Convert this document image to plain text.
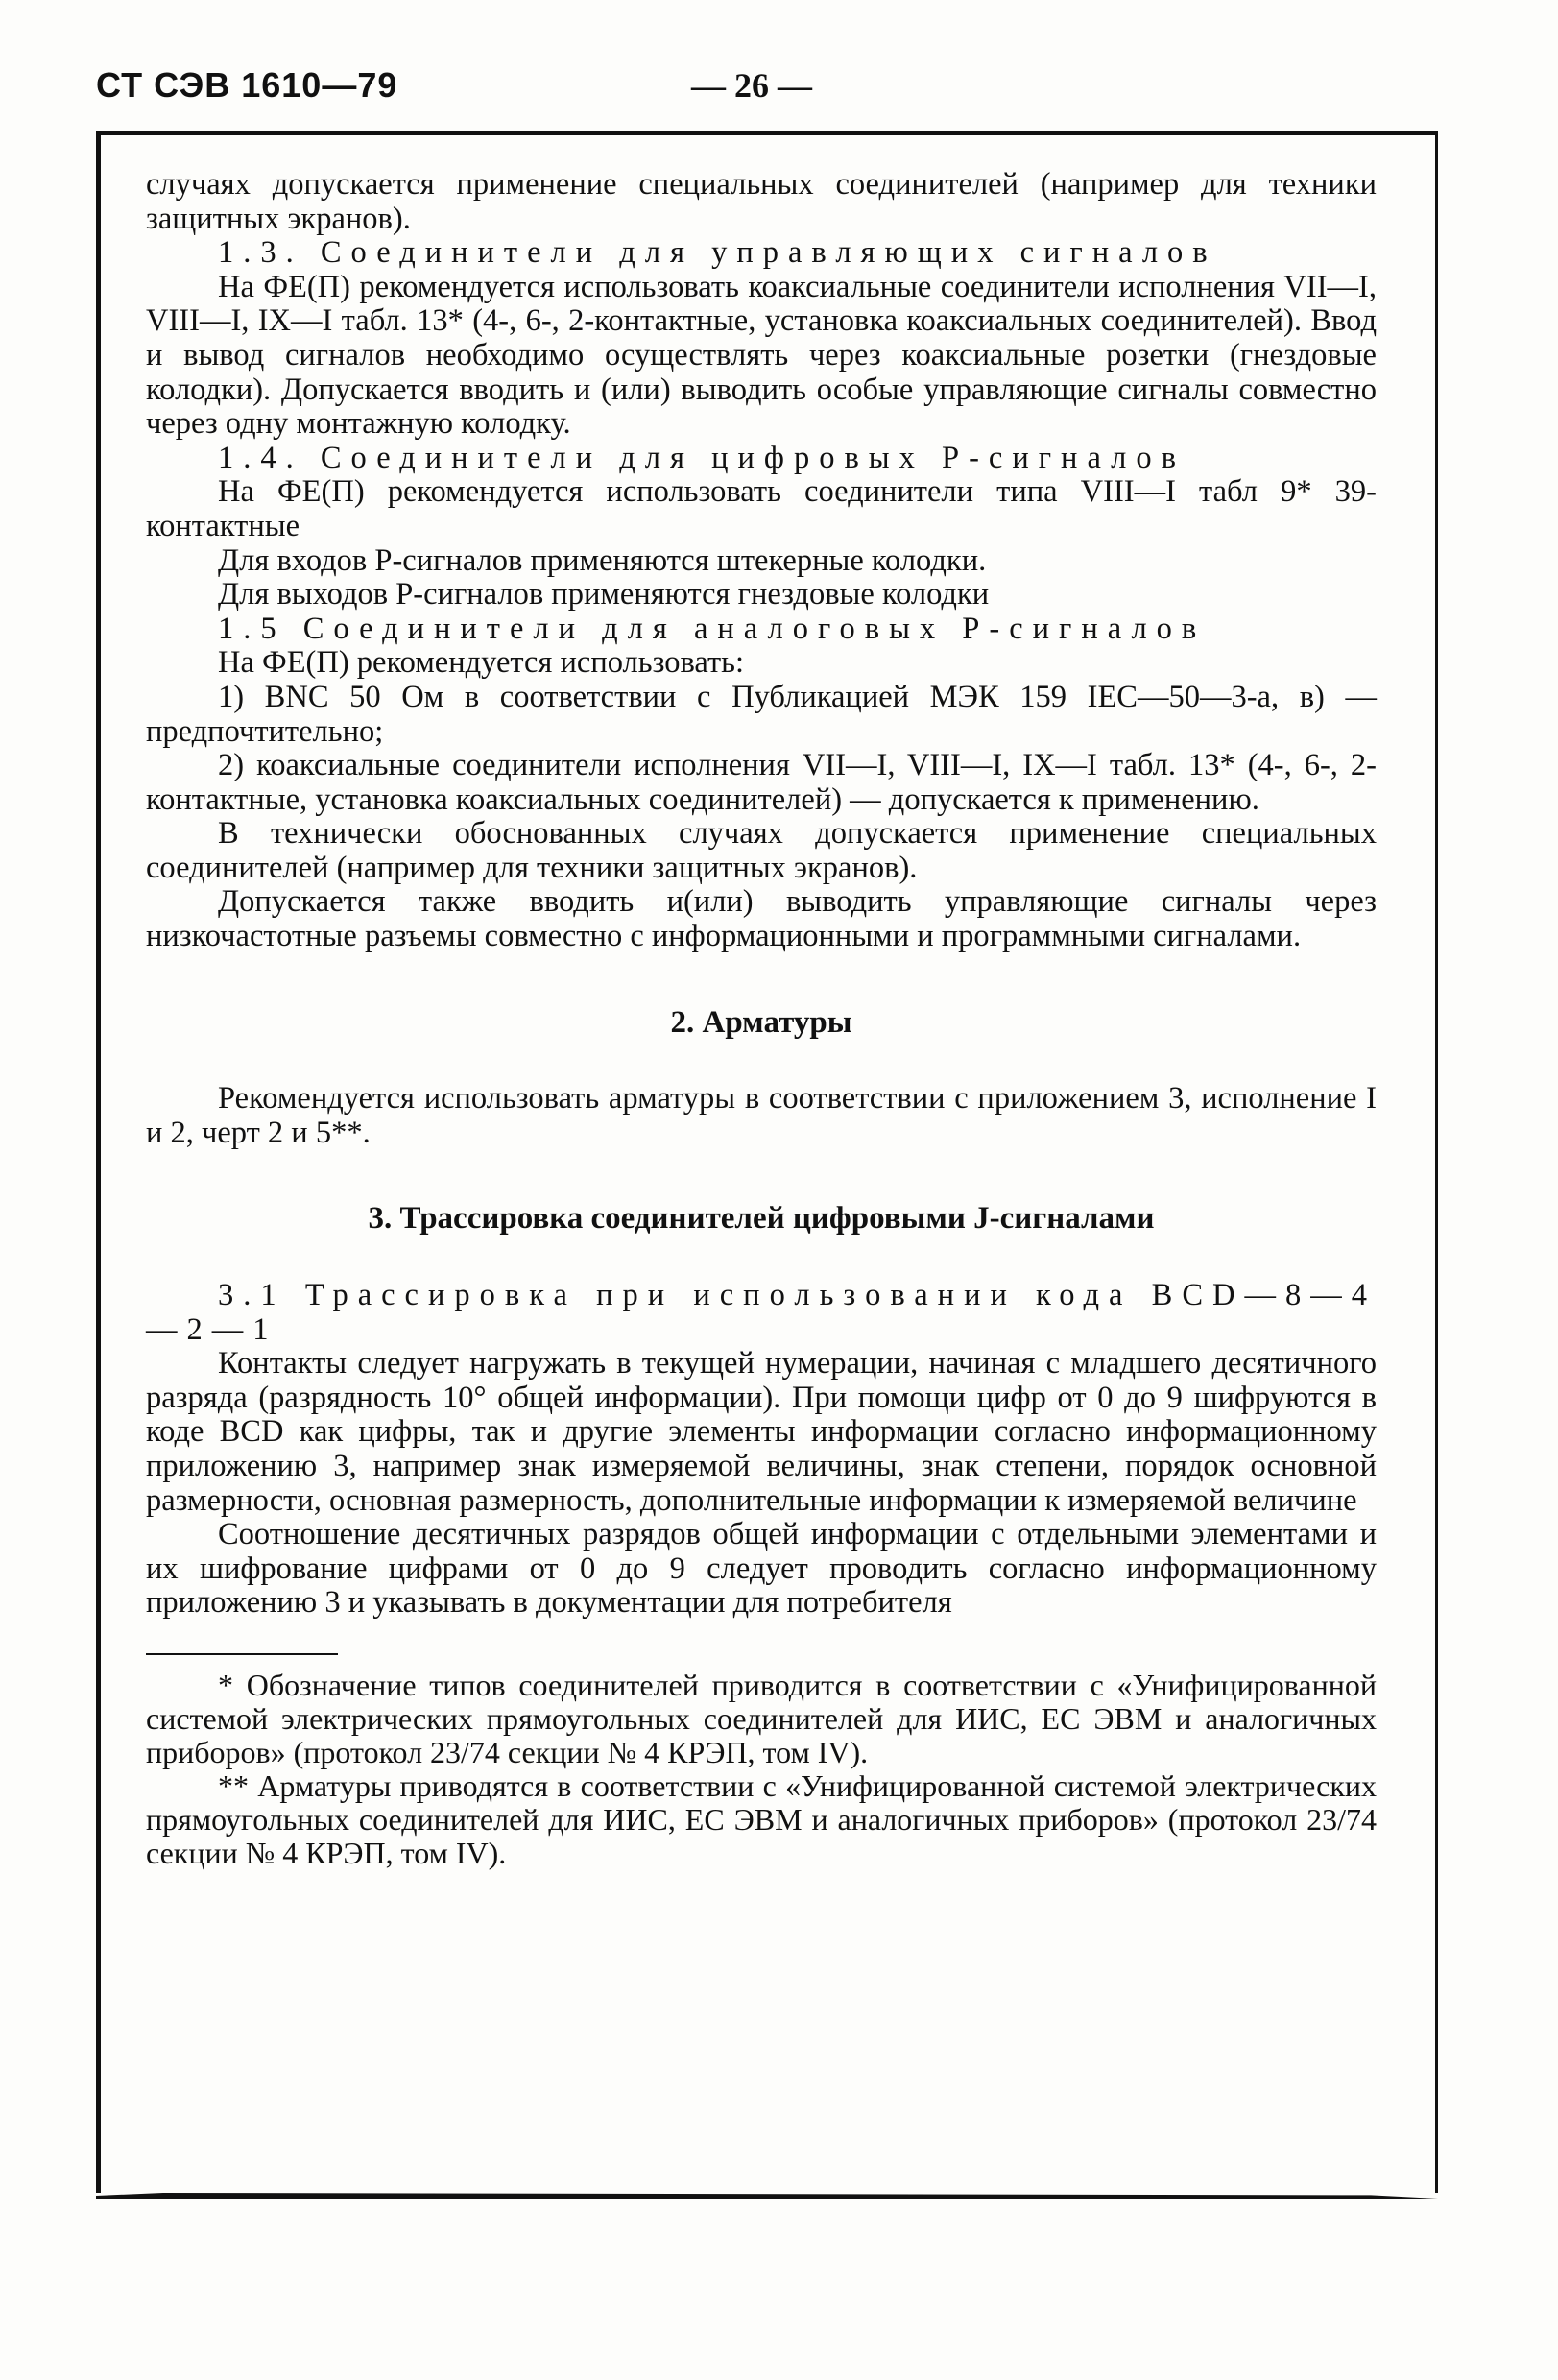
СТ СЭВ 1610—79	— 26 —

случаях допускается применение специальных соединителей (например для техники защитных экранов).

1.3. Соединители для управляющих сигналов

На ФЕ(П) рекомендуется использовать коаксиальные соединители исполнения VII—I, VIII—I, IX—I табл. 13* (4-, 6-, 2-контактные, установка коаксиальных соединителей). Ввод и вывод сигналов необходимо осуществлять через коаксиальные розетки (гнездовые колодки). Допускается вводить и (или) выводить особые управляющие сигналы совместно через одну монтажную колодку.

1.4. Соединители для цифровых Р-сигналов

На ФЕ(П) рекомендуется использовать соединители типа VIII—I табл 9* 39-контактные

Для входов Р-сигналов применяются штекерные колодки.

Для выходов Р-сигналов применяются гнездовые колодки

1.5 Соединители для аналоговых Р-сигналов

На ФЕ(П) рекомендуется использовать:

1) BNC 50 Ом в соответствии с Публикацией МЭК 159 IEC—50—3-а, в) — предпочтительно;

2) коаксиальные соединители исполнения VII—I, VIII—I, IX—I табл. 13* (4-, 6-, 2-контактные, установка коаксиальных соединителей) — допускается к применению.

В технически обоснованных случаях допускается применение специальных соединителей (например для техники защитных экранов).

Допускается также вводить и(или) выводить управляющие сигналы через низкочастотные разъемы совместно с информационными и программными сигналами.

2. Арматуры

Рекомендуется использовать арматуры в соответствии с приложением 3, исполнение I и 2, черт 2 и 5**.

3. Трассировка соединителей цифровыми J-сигналами

3.1 Трассировка при использовании кода BCD—8—4—2—1

Контакты следует нагружать в текущей нумерации, начиная с младшего десятичного разряда (разрядность 10° общей информации). При помощи цифр от 0 до 9 шифруются в коде BCD как цифры, так и другие элементы информации согласно информационному приложению 3, например знак измеряемой величины, знак степени, порядок основной размерности, основная размерность, дополнительные информации к измеряемой величине

Соотношение десятичных разрядов общей информации с отдельными элементами и их шифрование цифрами от 0 до 9 следует проводить согласно информационному приложению 3 и указывать в документации для потребителя

* Обозначение типов соединителей приводится в соответствии с «Унифицированной системой электрических прямоугольных соединителей для ИИС, ЕС ЭВМ и аналогичных приборов» (протокол 23/74 секции № 4 КРЭП, том IV).

** Арматуры приводятся в соответствии с «Унифицированной системой электрических прямоугольных соединителей для ИИС, ЕС ЭВМ и аналогичных приборов» (протокол 23/74 секции № 4 КРЭП, том IV).
